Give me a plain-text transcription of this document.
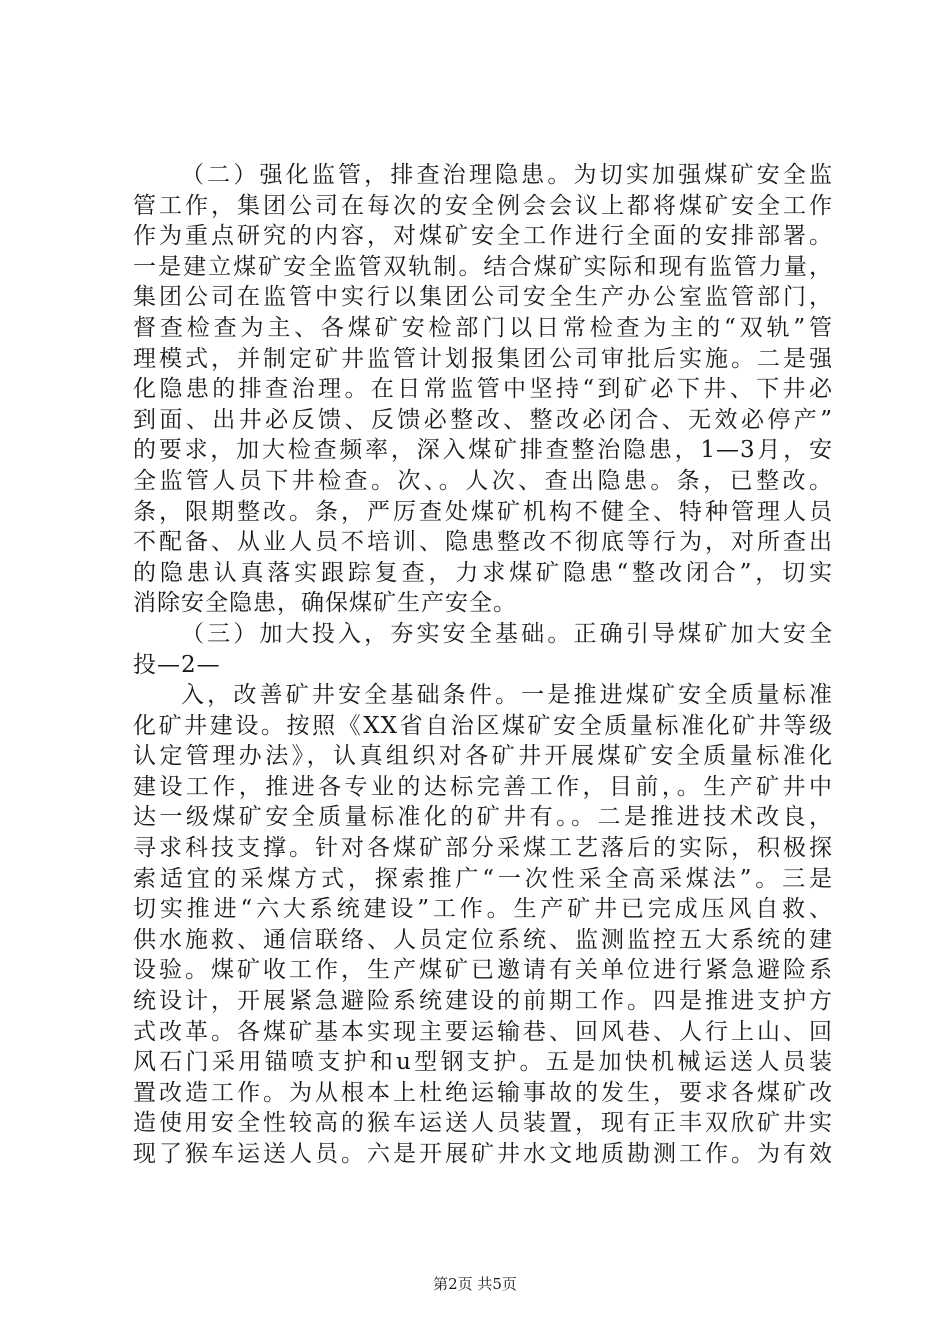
（二）强化监管，排查治理隐患。为切实加强煤矿安全监
管工作，集团公司在每次的安全例会会议上都将煤矿安全工作
作为重点研究的内容，对煤矿安全工作进行全面的安排部署。
一是建立煤矿安全监管双轨制。结合煤矿实际和现有监管力量，
集团公司在监管中实行以集团公司安全生产办公室监管部门，
督查检查为主、各煤矿安检部门以日常检查为主的“双轨”管
理模式，并制定矿井监管计划报集团公司审批后实施。二是强
化隐患的排查治理。在日常监管中坚持“到矿必下井、下井必
到面、出井必反馈、反馈必整改、整改必闭合、无效必停产”
的要求，加大检查频率，深入煤矿排查整治隐患，1—3月，安
全监管人员下井检查。次、。人次、查出隐患。条，已整改。
条，限期整改。条，严厉查处煤矿机构不健全、特种管理人员
不配备、从业人员不培训、隐患整改不彻底等行为，对所查出
的隐患认真落实跟踪复查，力求煤矿隐患“整改闭合”，切实
消除安全隐患，确保煤矿生产安全。
（三）加大投入，夯实安全基础。正确引导煤矿加大安全
投—2—
入，改善矿井安全基础条件。一是推进煤矿安全质量标准
化矿井建设。按照《XX省自治区煤矿安全质量标准化矿井等级
认定管理办法》，认真组织对各矿井开展煤矿安全质量标准化
建设工作，推进各专业的达标完善工作，目前，。生产矿井中
达一级煤矿安全质量标准化的矿井有。。二是推进技术改良，
寻求科技支撑。针对各煤矿部分采煤工艺落后的实际，积极探
索适宜的采煤方式，探索推广“一次性采全高采煤法”。三是
切实推进“六大系统建设”工作。生产矿井已完成压风自救、
供水施救、通信联络、人员定位系统、监测监控五大系统的建
设验。煤矿收工作，生产煤矿已邀请有关单位进行紧急避险系
统设计，开展紧急避险系统建设的前期工作。四是推进支护方
式改革。各煤矿基本实现主要运输巷、回风巷、人行上山、回
风石门采用锚喷支护和u型钢支护。五是加快机械运送人员装
置改造工作。为从根本上杜绝运输事故的发生，要求各煤矿改
造使用安全性较高的猴车运送人员装置，现有正丰双欣矿井实
现了猴车运送人员。六是开展矿井水文地质勘测工作。为有效
第2页 共5页
